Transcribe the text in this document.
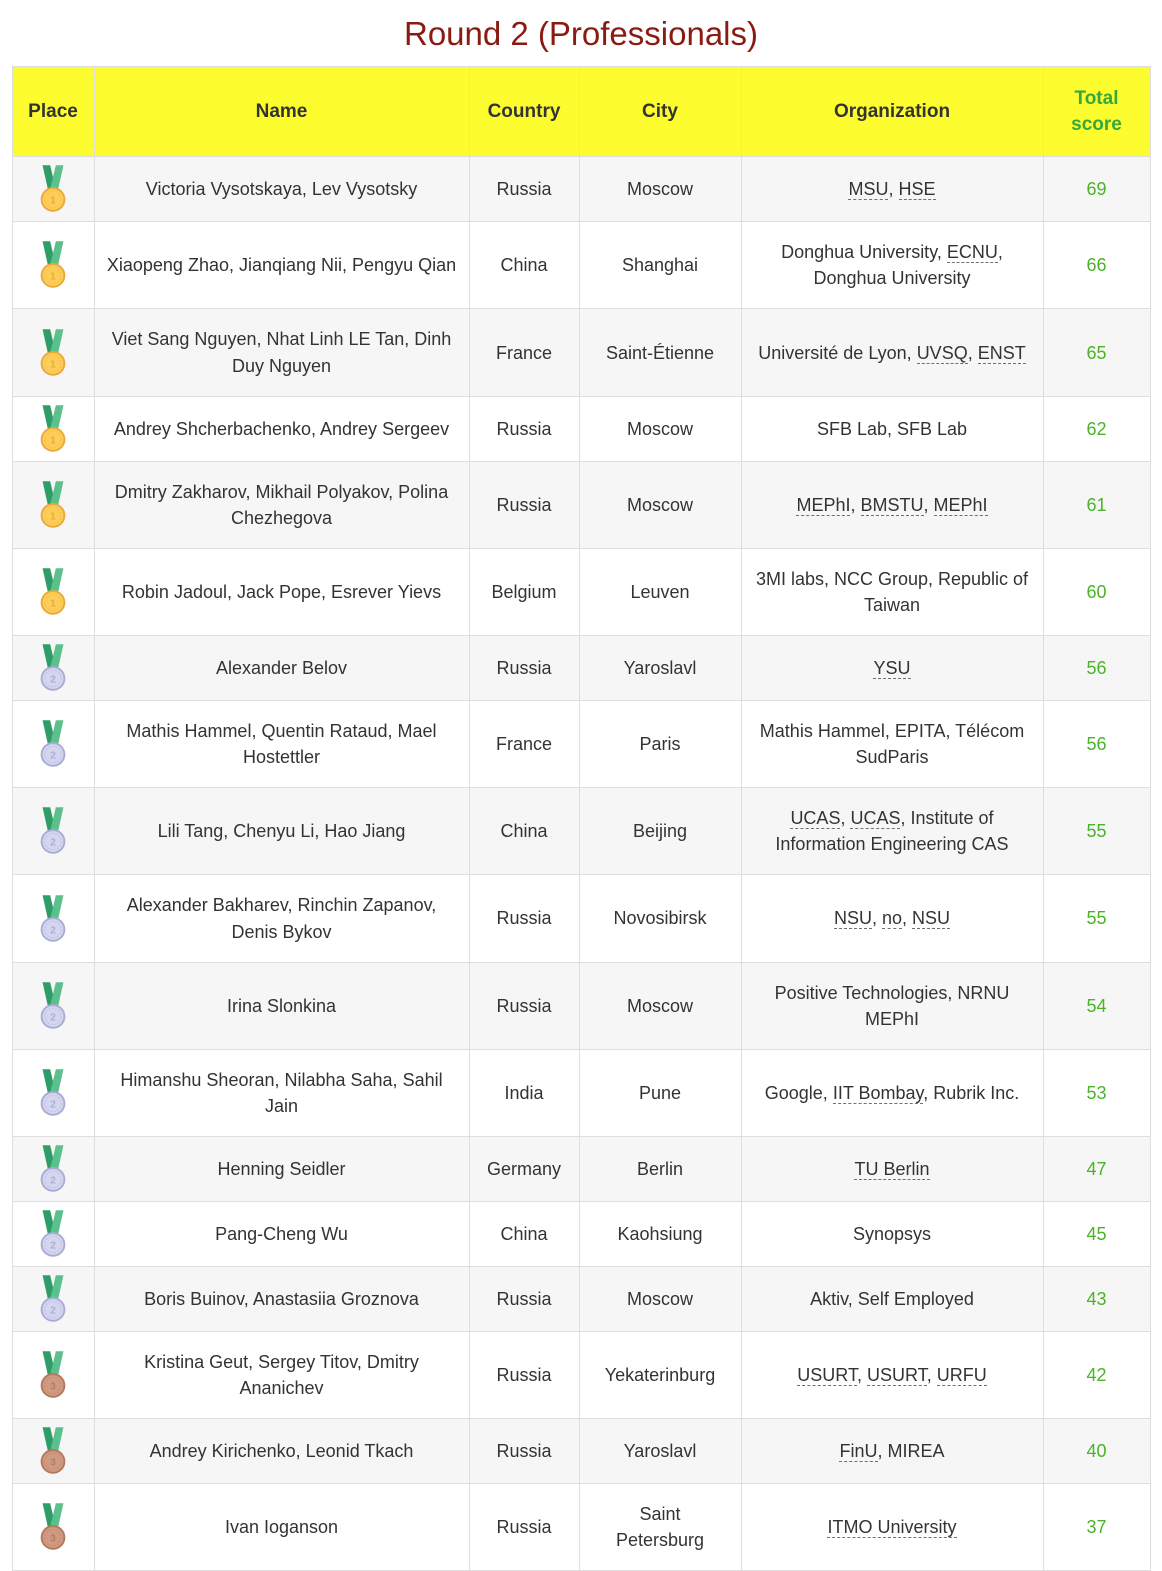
Round 2 (Professionals)
Place	Name	Country	City	Organization	Total score

1	Victoria Vysotskaya, Lev Vysotsky	Russia	Moscow	MSU, HSE	69

1	Xiaopeng Zhao, Jianqiang Nii, Pengyu Qian	China	Shanghai	Donghua University, ECNU, Donghua University	66

1	Viet Sang Nguyen, Nhat Linh LE Tan, Dinh Duy Nguyen	France	Saint-Étienne	Université de Lyon, UVSQ, ENST	65

1	Andrey Shcherbachenko, Andrey Sergeev	Russia	Moscow	SFB Lab, SFB Lab	62

1	Dmitry Zakharov, Mikhail Polyakov, Polina Chezhegova	Russia	Moscow	MEPhI, BMSTU, MEPhI	61

1	Robin Jadoul, Jack Pope, Esrever Yievs	Belgium	Leuven	3MI labs, NCC Group, Republic of Taiwan	60

2	Alexander Belov	Russia	Yaroslavl	YSU	56

2	Mathis Hammel, Quentin Rataud, Mael Hostettler	France	Paris	Mathis Hammel, EPITA, Télécom SudParis	56

2	Lili Tang, Chenyu Li, Hao Jiang	China	Beijing	UCAS, UCAS, Institute of Information Engineering CAS	55

2	Alexander Bakharev, Rinchin Zapanov, Denis Bykov	Russia	Novosibirsk	NSU, no, NSU	55

2	Irina Slonkina	Russia	Moscow	Positive Technologies, NRNU MEPhI	54

2	Himanshu Sheoran, Nilabha Saha, Sahil Jain	India	Pune	Google, IIT Bombay, Rubrik Inc.	53

2	Henning Seidler	Germany	Berlin	TU Berlin	47

2	Pang-Cheng Wu	China	Kaohsiung	Synopsys	45

2	Boris Buinov, Anastasiia Groznova	Russia	Moscow	Aktiv, Self Employed	43

3	Kristina Geut, Sergey Titov, Dmitry Ananichev	Russia	Yekaterinburg	USURT, USURT, URFU	42

3	Andrey Kirichenko, Leonid Tkach	Russia	Yaroslavl	FinU, MIREA	40

3	Ivan Ioganson	Russia	Saint Petersburg	ITMO University	37
